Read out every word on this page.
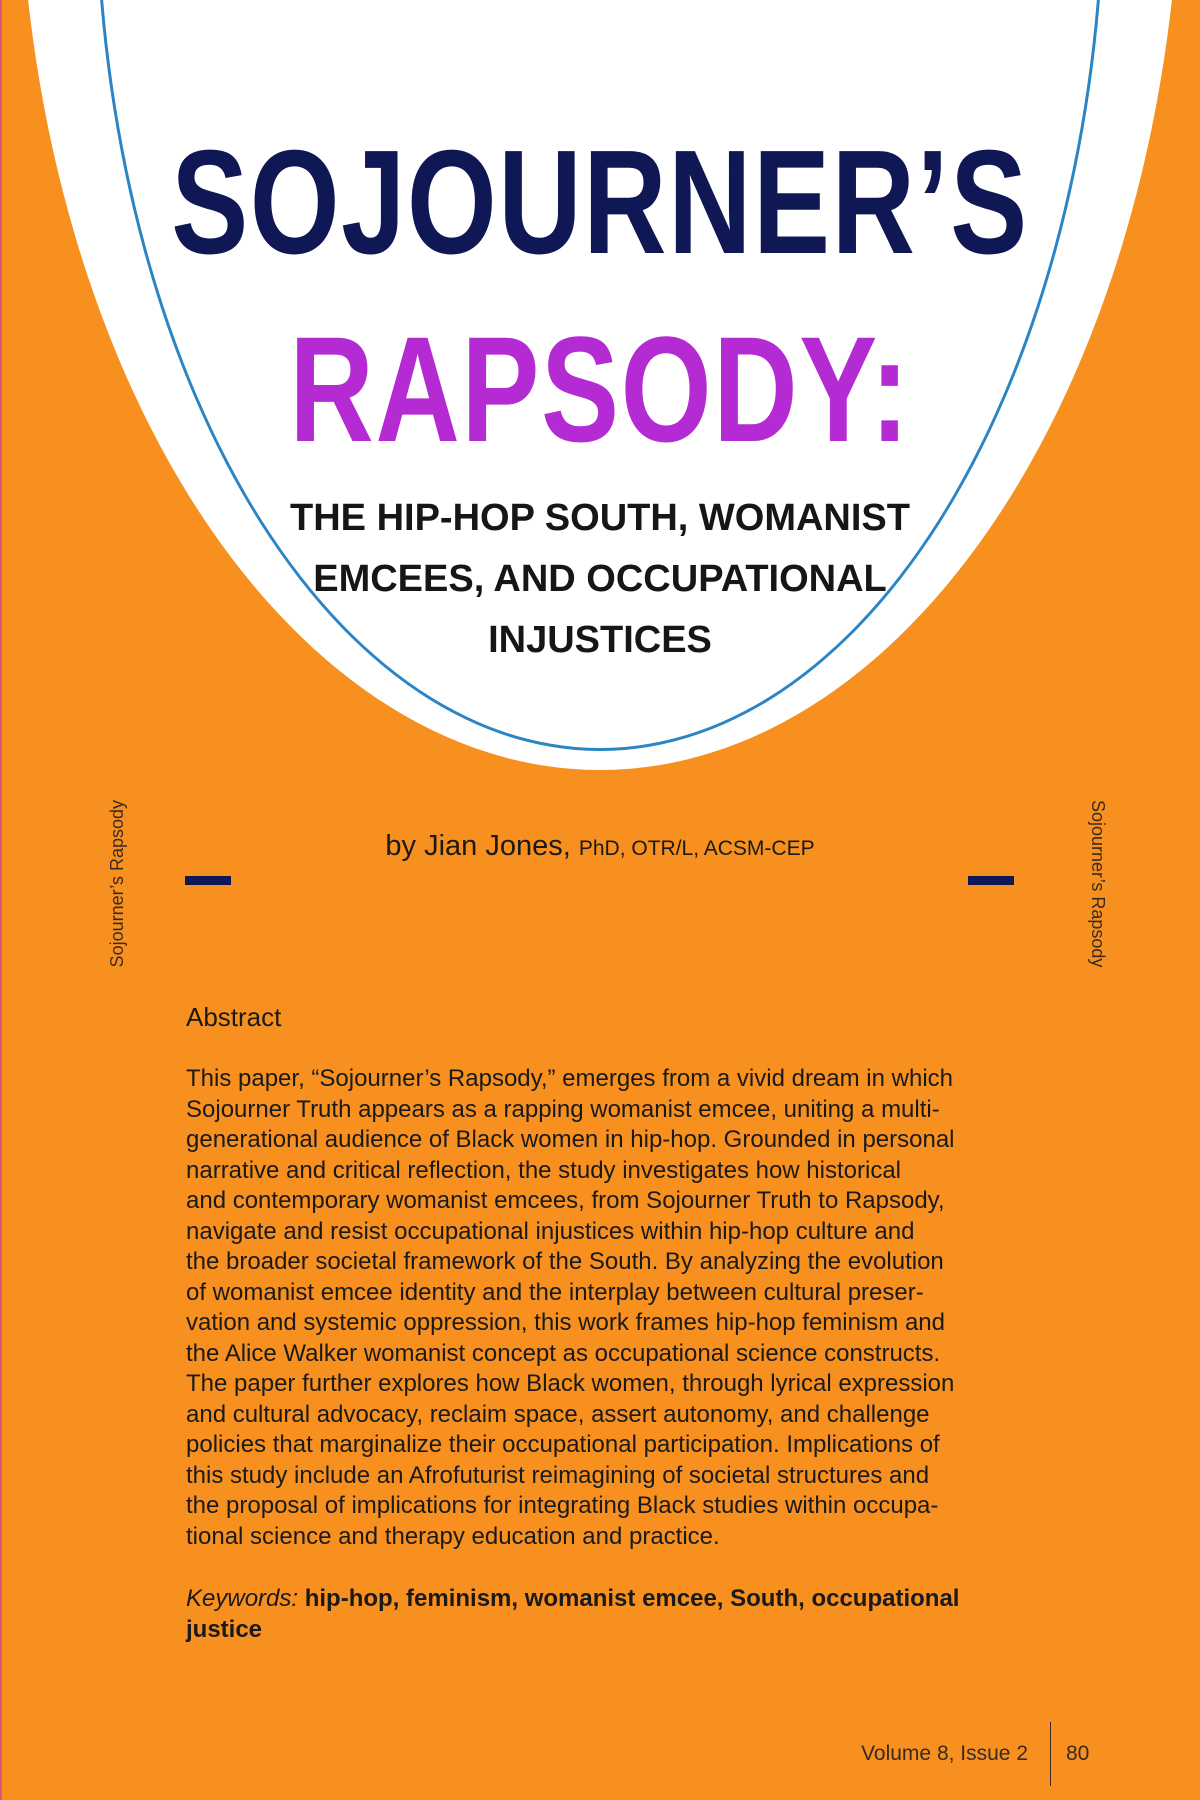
SOJOURNER’S
RAPSODY:
THE HIP-HOP SOUTH, WOMANIST
EMCEES, AND OCCUPATIONAL
INJUSTICES
Sojourner’s Rapsody	Sojourner’s Rapsody
by Jian Jones, PhD, OTR/L, ACSM-CEP
Abstract

This paper, “Sojourner’s Rapsody,” emerges from a vivid dream in which
Sojourner Truth appears as a rapping womanist emcee, uniting a multi-
generational audience of Black women in hip-hop. Grounded in personal
narrative and critical reflection, the study investigates how historical
and contemporary womanist emcees, from Sojourner Truth to Rapsody,
navigate and resist occupational injustices within hip-hop culture and
the broader societal framework of the South. By analyzing the evolution
of womanist emcee identity and the interplay between cultural preser-
vation and systemic oppression, this work frames hip-hop feminism and
the Alice Walker womanist concept as occupational science constructs.
The paper further explores how Black women, through lyrical expression
and cultural advocacy, reclaim space, assert autonomy, and challenge
policies that marginalize their occupational participation. Implications of
this study include an Afrofuturist reimagining of societal structures and
the proposal of implications for integrating Black studies within occupa-
tional science and therapy education and practice.

Keywords: hip-hop, feminism, womanist emcee, South, occupational
justice

Volume 8, Issue 2 80
